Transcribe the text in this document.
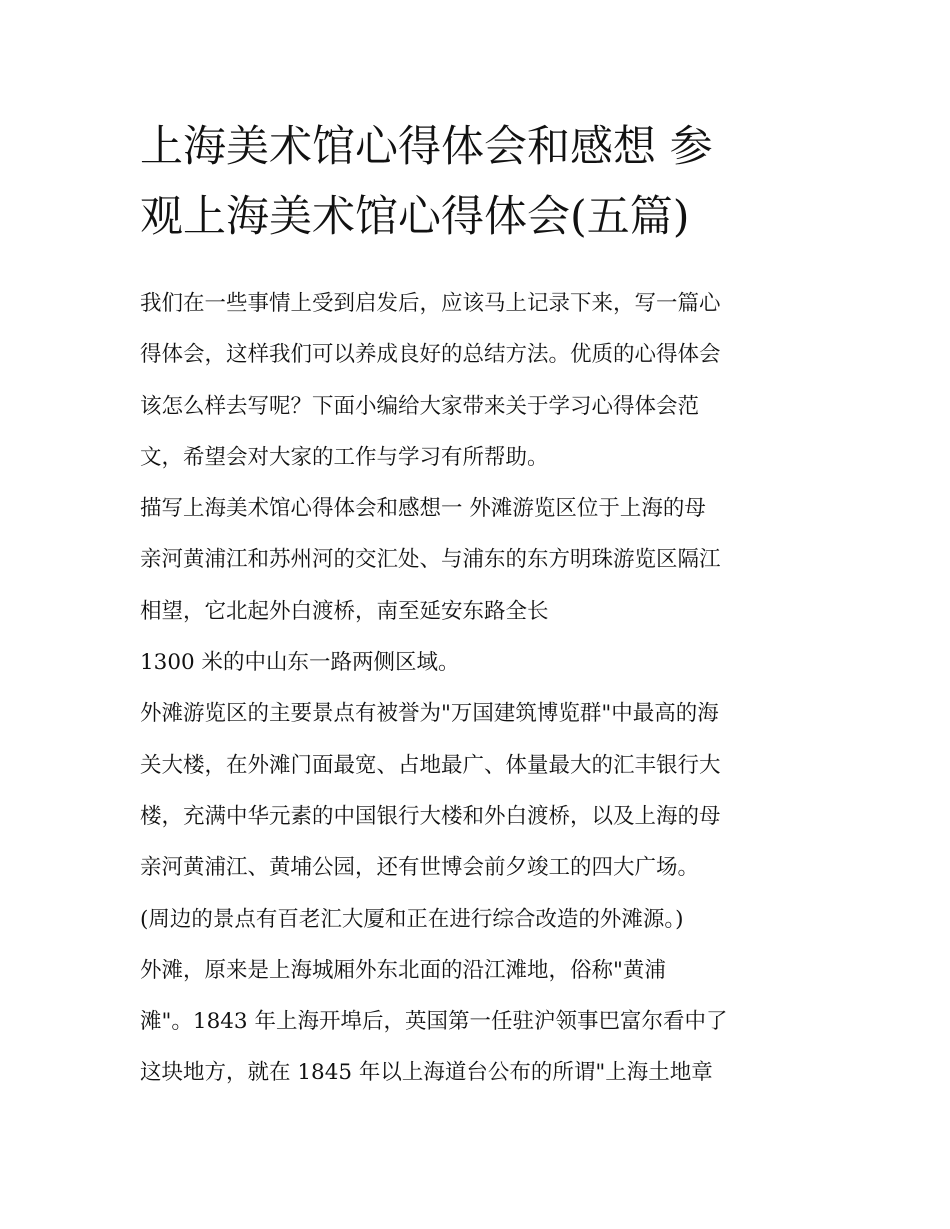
上海美术馆心得体会和感想 参
观上海美术馆心得体会(五篇)
我们在一些事情上受到启发后，应该马上记录下来，写一篇心
得体会，这样我们可以养成良好的总结方法。优质的心得体会
该怎么样去写呢？下面小编给大家带来关于学习心得体会范
文，希望会对大家的工作与学习有所帮助。
描写上海美术馆心得体会和感想一 外滩游览区位于上海的母
亲河黄浦江和苏州河的交汇处、与浦东的东方明珠游览区隔江
相望，它北起外白渡桥，南至延安东路全长
1300 米的中山东一路两侧区域。
外滩游览区的主要景点有被誉为"万国建筑博览群"中最高的海
关大楼，在外滩门面最宽、占地最广、体量最大的汇丰银行大
楼，充满中华元素的中国银行大楼和外白渡桥，以及上海的母
亲河黄浦江、黄埔公园，还有世博会前夕竣工的四大广场。
(周边的景点有百老汇大厦和正在进行综合改造的外滩源。)
外滩，原来是上海城厢外东北面的沿江滩地，俗称"黄浦
滩"。1843 年上海开埠后，英国第一任驻沪领事巴富尔看中了
这块地方，就在 1845 年以上海道台公布的所谓"上海土地章
